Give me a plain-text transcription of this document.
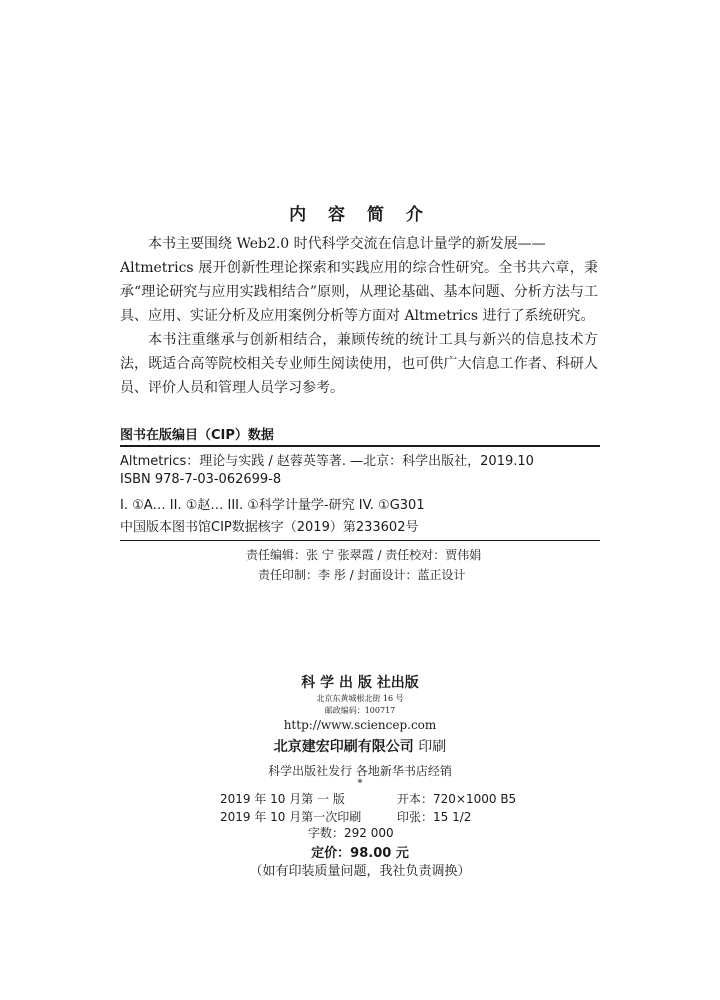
内 容 简 介
本书主要围绕 Web2.0 时代科学交流在信息计量学的新发展——
Altmetrics 展开创新性理论探索和实践应用的综合性研究。全书共六章，秉承“理论研究与应用实践相结合”原则，从理论基础、基本问题、分析方法与工具、应用、实证分析及应用案例分析等方面对 Altmetrics 进行了系统研究。
本书注重继承与创新相结合，兼顾传统的统计工具与新兴的信息技术方法，既适合高等院校相关专业师生阅读使用，也可供广大信息工作者、科研人员、评价人员和管理人员学习参考。
图书在版编目（CIP）数据
Altmetrics：理论与实践 / 赵蓉英等著. —北京：科学出版社，2019.10
ISBN 978-7-03-062699-8
I. ①A… II. ①赵… III. ①科学计量学-研究 IV. ①G301
中国版本图书馆CIP数据核字（2019）第233602号
责任编辑：张 宁 张翠霞 / 责任校对：贾伟娟
责任印制：李 彤 / 封面设计：蓝正设计
科 学 出 版 社出版
北京东黄城根北街 16 号
邮政编码：100717
http://www.sciencep.com
北京建宏印刷有限公司 印刷
科学出版社发行 各地新华书店经销
*
2019 年 10 月第 一 版	开本：720×1000 B5
2019 年 10 月第一次印刷	印张：15 1/2
字数：292 000
定价：98.00 元
（如有印装质量问题，我社负责调换）
